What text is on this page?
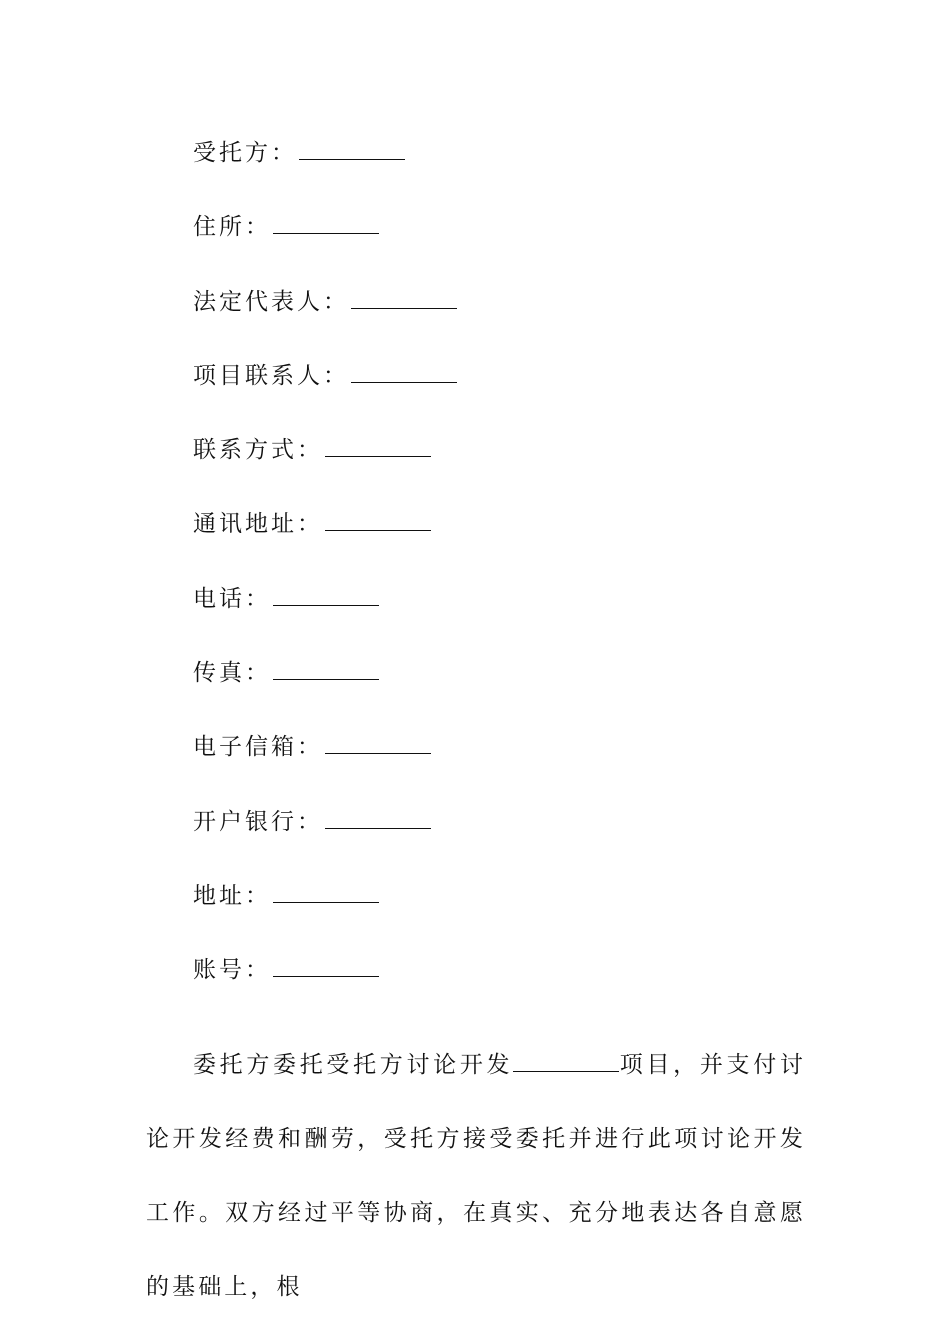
受托方：
住所：
法定代表人：
项目联系人：
联系方式：
通讯地址：
电话：
传真：
电子信箱：
开户银行：
地址：
账号：

委托方委托受托方讨论开发	项目，并支付讨论开发经费和酬劳，受托方接受委托并进行此项讨论开发工作。双方经过平等协商，在真实、充分地表达各自意愿的基础上，根
